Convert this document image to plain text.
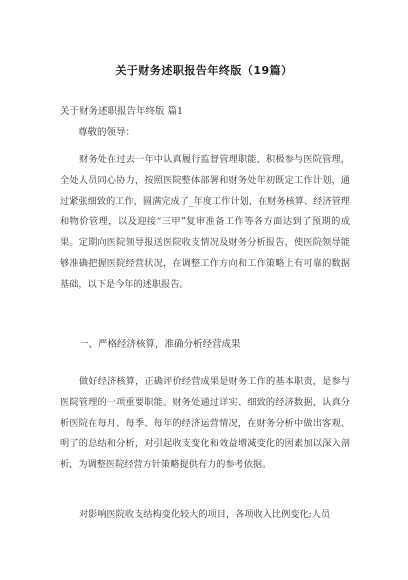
关于财务述职报告年终版（19篇）
关于财务述职报告年终版 篇1
尊敬的领导：

财务处在过去一年中认真履行监督管理职能，积极参与医院管理，全处人员同心协力，按照医院整体部署和财务处年初既定工作计划，通过紧张细致的工作，圆满完成了_年度工作计划，在财务核算、经济管理和物价管理，以及迎接“三甲”复审准备工作等各方面达到了预期的成果。定期向医院领导报送医院收支情况及财务分析报告，使医院领导能够准确把握医院经营状况，在调整工作方向和工作策略上有可靠的数据基础，以下是今年的述职报告。

一、严格经济核算，准确分析经营成果

做好经济核算，正确评价经营成果是财务工作的基本职责，是参与医院管理的一项重要职能。财务处通过详实、细致的经济数据，认真分析医院在每月、每季、每年的经济运营情况，在财务分析中做出客观、明了的总结和分析，对引起收支变化和效益增减变化的因素加以深入剖析，为调整医院经营方针策略提供有力的参考依据。

对影响医院收支结构变化较大的项目，各项收入比例变化;人员
